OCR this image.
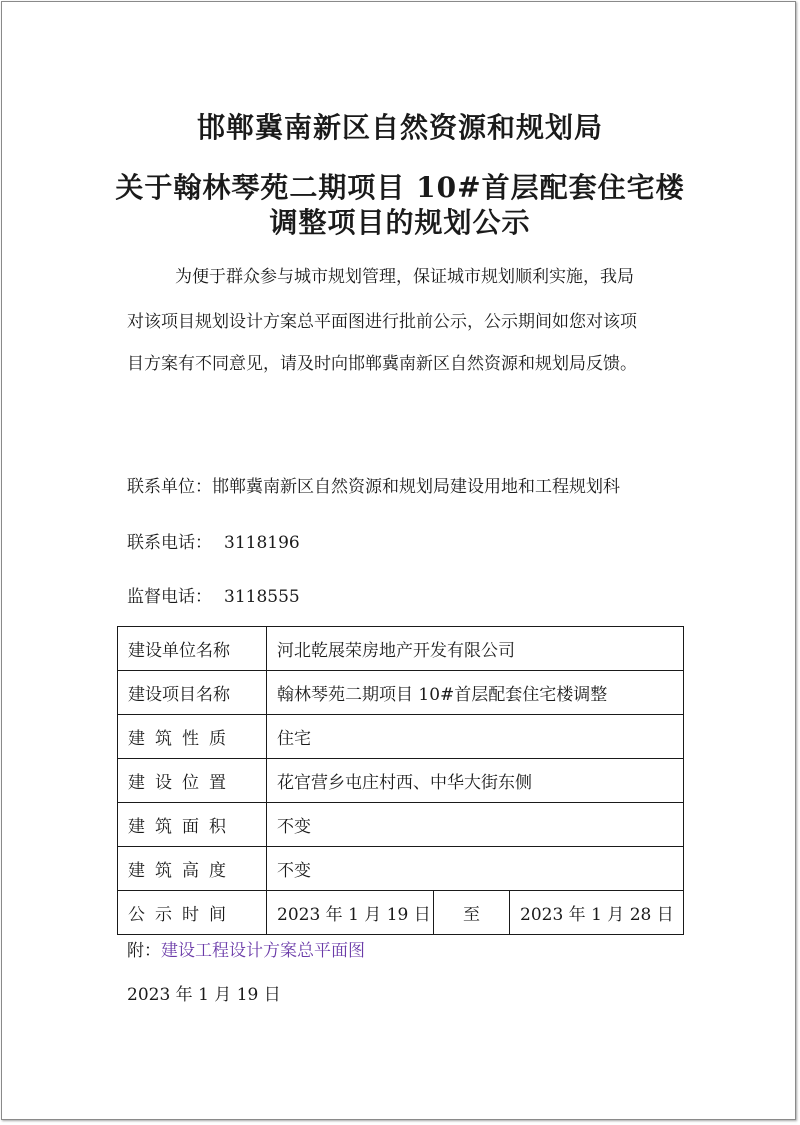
邯郸冀南新区自然资源和规划局
关于翰林琴苑二期项目 10#首层配套住宅楼
调整项目的规划公示
为便于群众参与城市规划管理，保证城市规划顺利实施，我局
对该项目规划设计方案总平面图进行批前公示，公示期间如您对该项
目方案有不同意见，请及时向邯郸冀南新区自然资源和规划局反馈。
联系单位：邯郸冀南新区自然资源和规划局建设用地和工程规划科
联系电话： 3118196
监督电话： 3118555
建设单位名称	河北乾展荣房地产开发有限公司		
建设项目名称	翰林琴苑二期项目 10#首层配套住宅楼调整		
建筑性质	住宅		
建设位置	花官营乡屯庄村西、中华大街东侧		
建筑面积	不变		
建筑高度	不变		
公示时间	2023 年 1 月 19 日	至	2023 年 1 月 28 日
附：建设工程设计方案总平面图
2023 年 1 月 19 日
